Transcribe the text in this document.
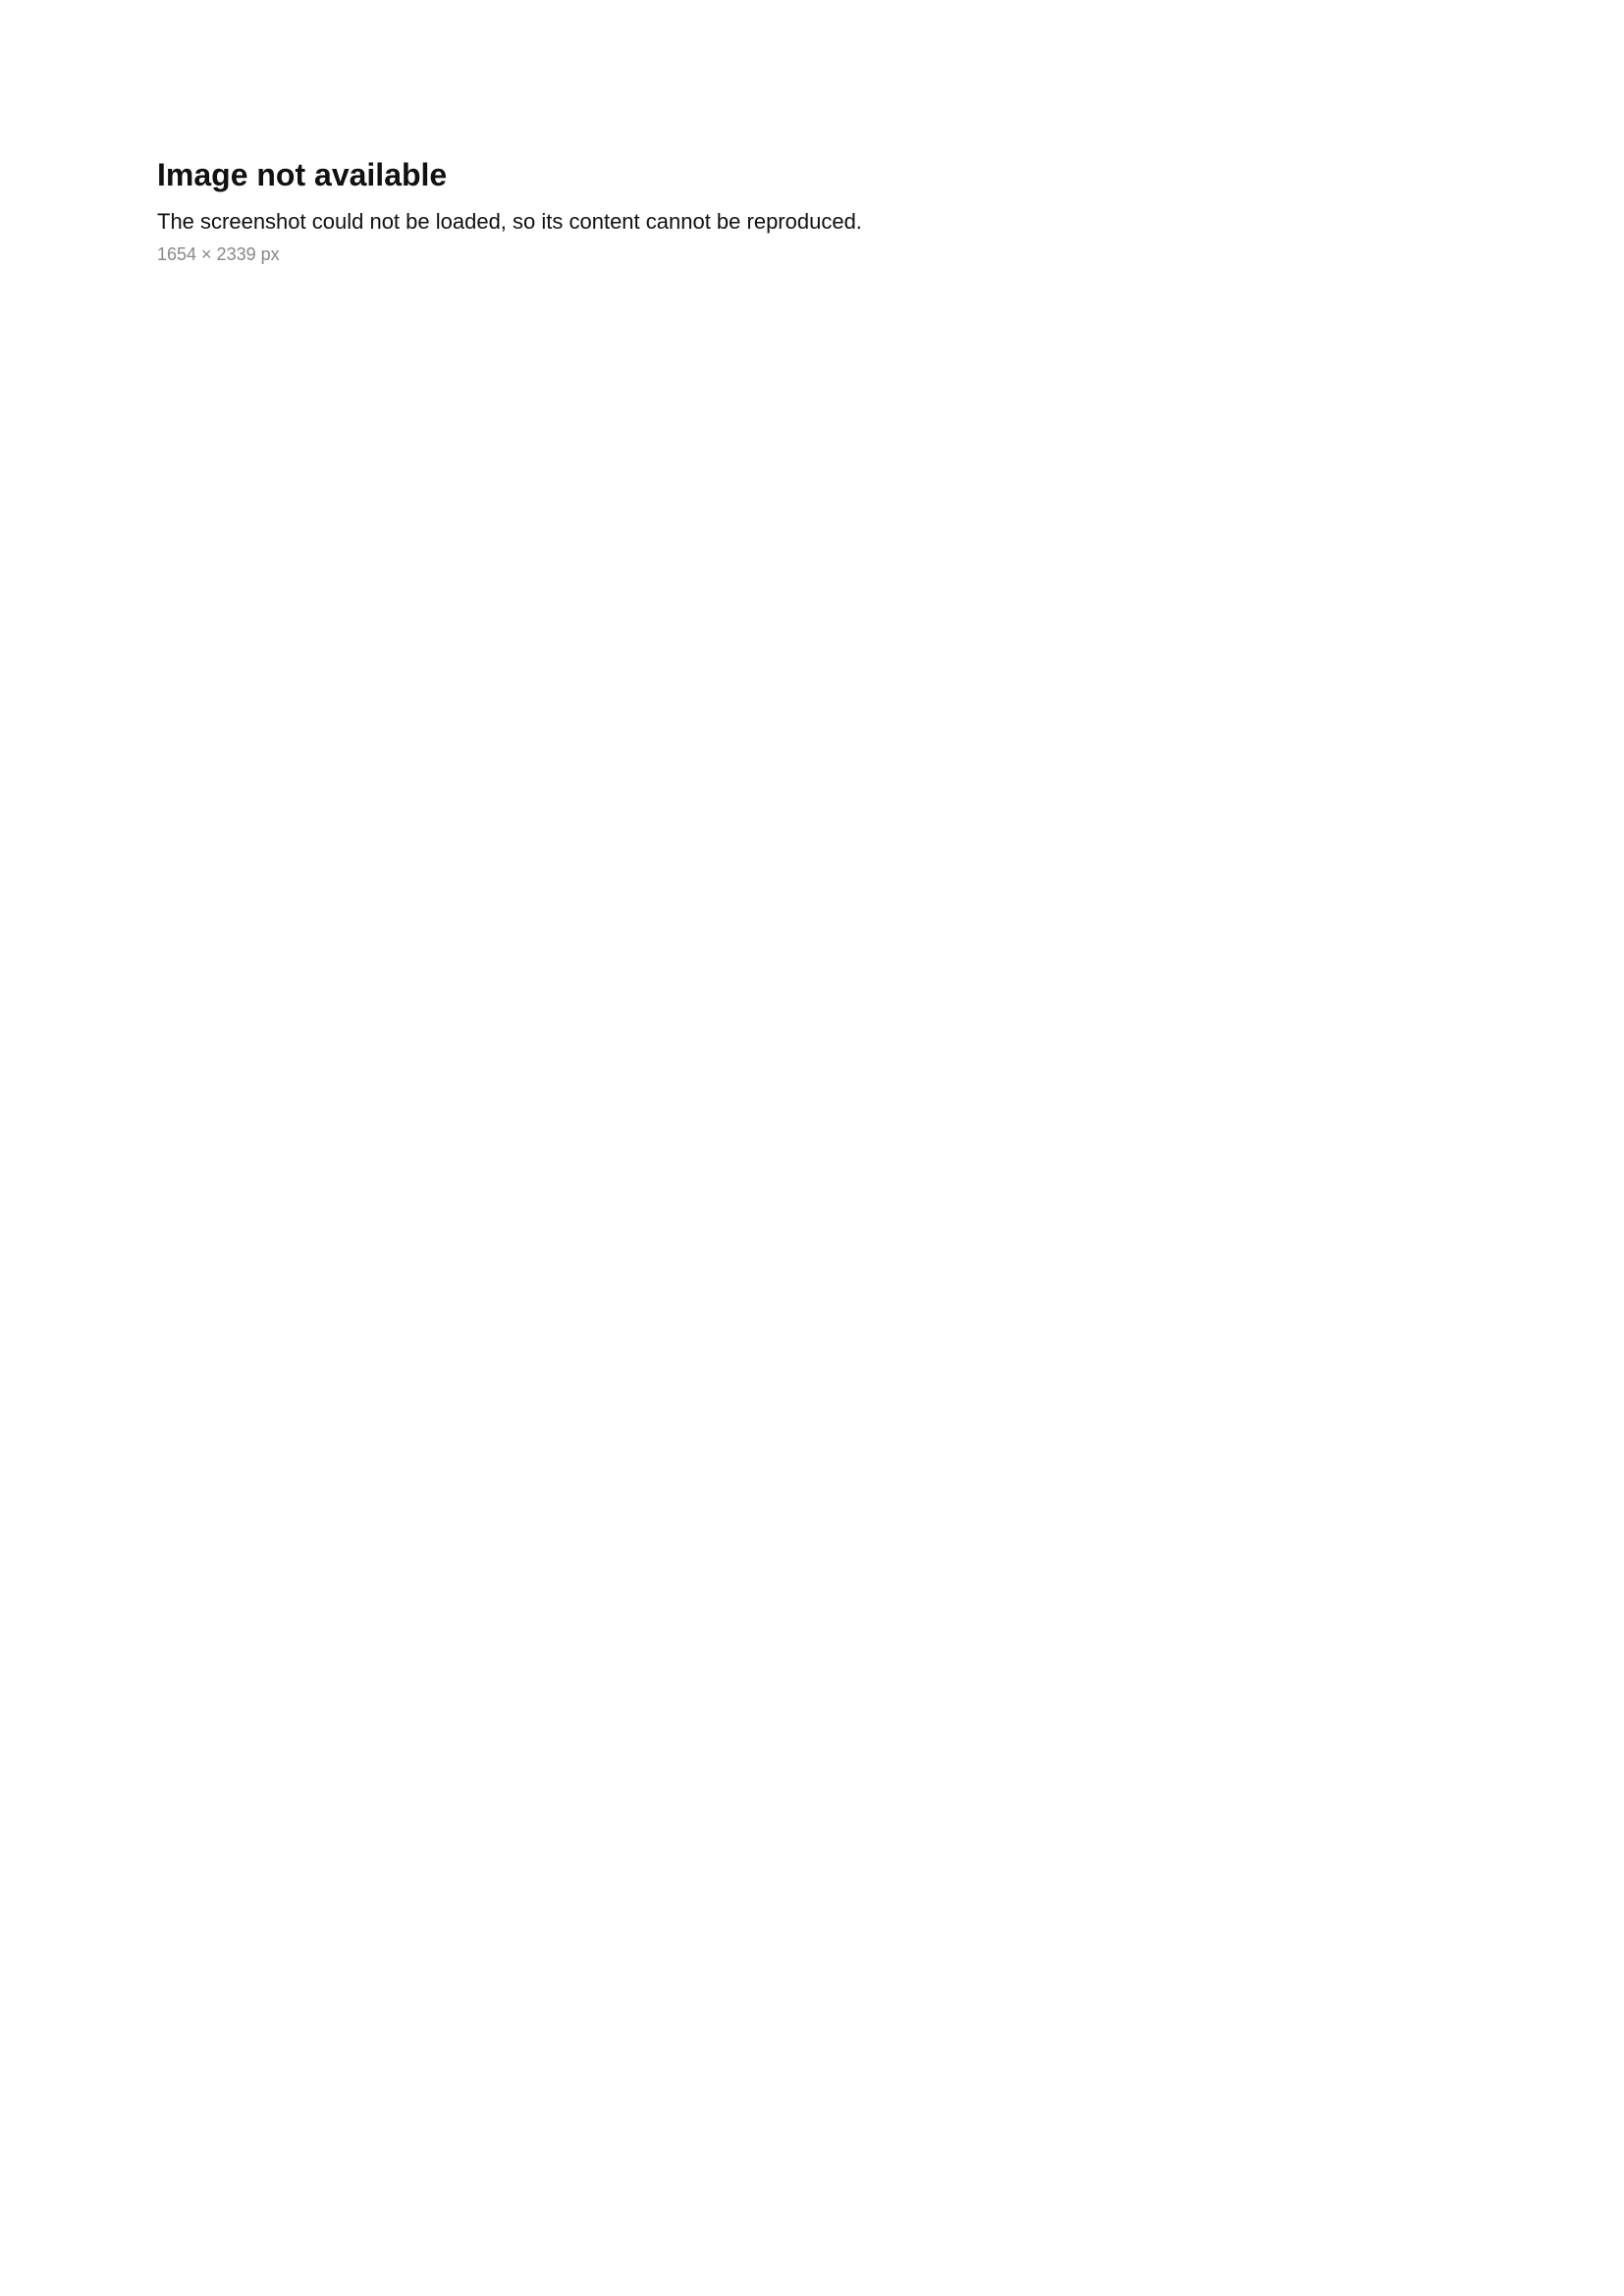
Image not available
The screenshot could not be loaded, so its content cannot be reproduced.
1654 × 2339 px
